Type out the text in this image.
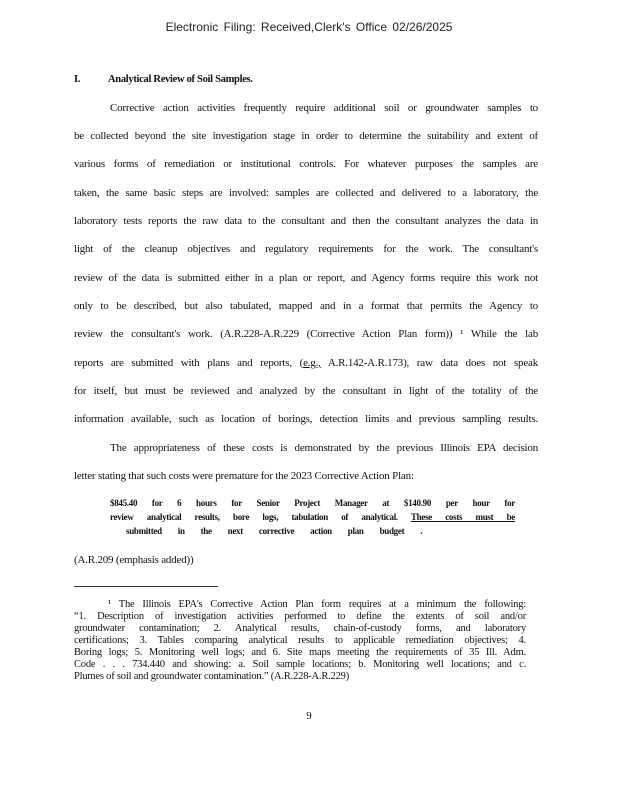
Electronic Filing: Received,Clerk's Office 02/26/2025
I.	Analytical Review of Soil Samples.
Corrective action activities frequently require additional soil or groundwater samples to
be collected beyond the site investigation stage in order to determine the suitability and extent of
various forms of remediation or institutional controls. For whatever purposes the samples are
taken, the same basic steps are involved: samples are collected and delivered to a laboratory, the
laboratory tests reports the raw data to the consultant and then the consultant analyzes the data in
light of the cleanup objectives and regulatory requirements for the work. The consultant's
review of the data is submitted either in a plan or report, and Agency forms require this work not
only to be described, but also tabulated, mapped and in a format that permits the Agency to
review the consultant's work. (A.R.228-A.R.229 (Corrective Action Plan form)) ¹ While the lab
reports are submitted with plans and reports, (e.g., A.R.142-A.R.173), raw data does not speak
for itself, but must be reviewed and analyzed by the consultant in light of the totality of the
information available, such as location of borings, detection limits and previous sampling results.
The appropriateness of these costs is demonstrated by the previous Illinois EPA decision
letter stating that such costs were premature for the 2023 Corrective Action Plan:
$845.40 for 6 hours for Senior Project Manager at $140.90 per hour for
review analytical results, bore logs, tabulation of analytical. These costs must be
submitted in the next corrective action plan budget .
(A.R.209 (emphasis added))
¹ The Illinois EPA's Corrective Action Plan form requires at a minimum the following:
“1. Description of investigation activities performed to define the extents of soil and/or
groundwater contamination; 2. Analytical results, chain-of-custody forms, and laboratory
certifications; 3. Tables comparing analytical results to applicable remediation objectives; 4.
Boring logs; 5. Monitoring well logs; and 6. Site maps meeting the requirements of 35 Ill. Adm.
Code . . . 734.440 and showing: a. Soil sample locations; b. Monitoring well locations; and c.
Plumes of soil and groundwater contamination.” (A.R.228-A.R.229)
9
